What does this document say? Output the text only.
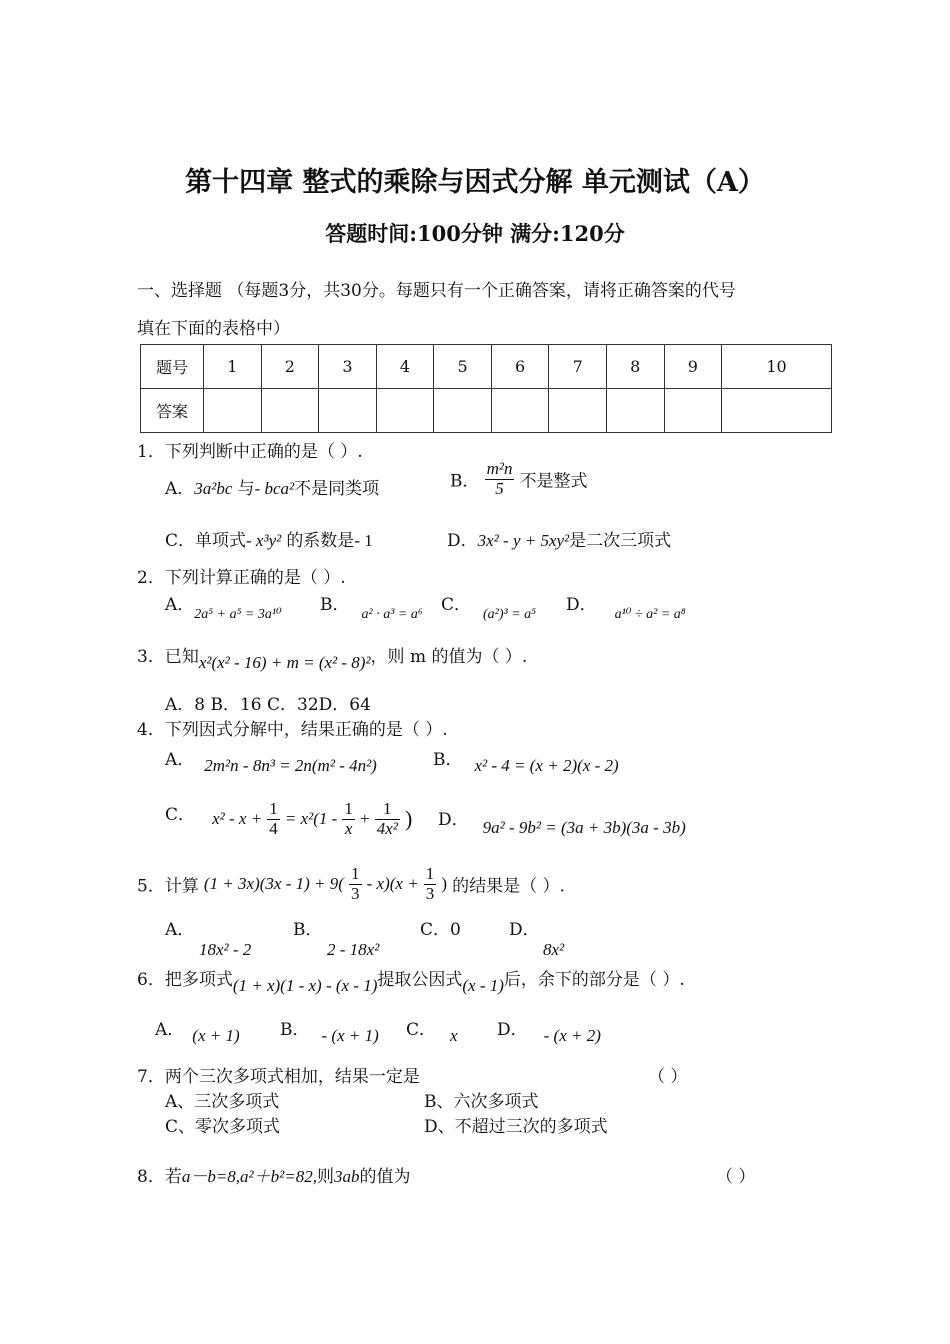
第十四章 整式的乘除与因式分解 单元测试（A）
答题时间:100分钟 满分:120分
一、选择题 （每题3分，共30分。每题只有一个正确答案，请将正确答案的代号
填在下面的表格中）
题号	1	2	3	4	5	6	7	8	9	10
答案										
1．下列判断中正确的是（ ）.
A．3a²bc 与- bca²不是同类项	B． $\frac{\text{m²n}}{5}$ 不是整式
C．单项式- x³y² 的系数是- 1	D．3x² - y + 5xy²是二次三项式
2．下列计算正确的是（ ）.
A．2a⁵ + a⁵ = 3a¹⁰ B． a² · a³ = a⁶ C． (a²)³ = a⁵ D． a¹⁰ ÷ a² = a⁸
3．已知x²(x² - 16) + m = (x² - 8)²，则 m 的值为（ ）.
A．8 B．16 C．32D．64
4．下列因式分解中，结果正确的是（ ）.
A． 2m²n - 8n³ = 2n(m² - 4n²)	B． x² - 4 = (x + 2)(x - 2)
C． $x^2 - x + \frac{1}{4} = x^2(1 - \frac{1}{x} + \frac{1}{\text{4x²}}$ ) D． 9a² - 9b² = (3a + 3b)(3a - 3b)
5．计算 $(1 + 3x)(3x - 1) + 9( \frac{1}{3} - x)(x + \frac{1}{3}$ ) 的结果是（ ）.
A．
18x² - 2
B．
2 - 18x²
C．0	D．
8x²
6．把多项式(1 + x)(1 - x) - (x - 1)提取公因式(x - 1)后，余下的部分是（ ）.
A． (x + 1) B． - (x + 1) C． x D． - (x + 2)
7．两个三次多项式相加，结果一定是	（ ）
A、三次多项式	B、六次多项式
C、零次多项式	D、不超过三次的多项式
8．若a－b=8,a²＋b²=82,则3ab的值为	（ ）
